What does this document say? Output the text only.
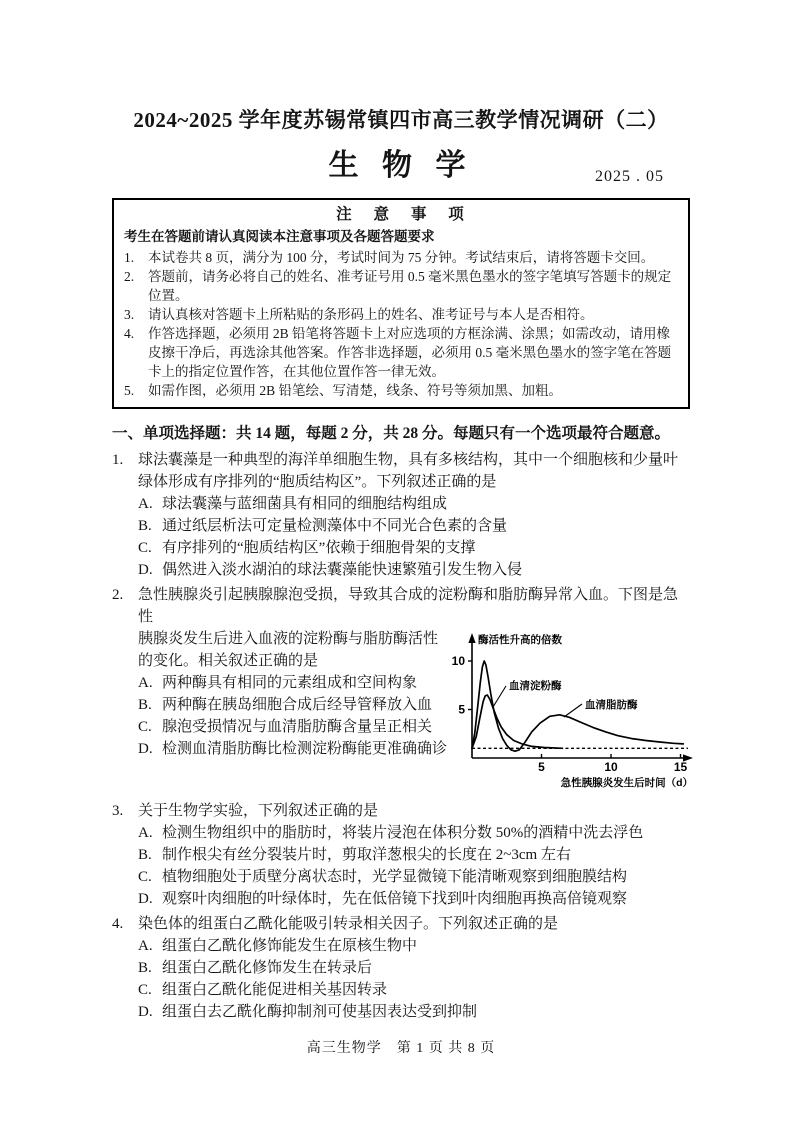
2024~2025 学年度苏锡常镇四市高三教学情况调研（二）
生 物 学	2025 . 05
注 意 事 项
考生在答题前请认真阅读本注意事项及各题答题要求
1. 本试卷共 8 页，满分为 100 分，考试时间为 75 分钟。考试结束后，请将答题卡交回。
2. 答题前，请务必将自己的姓名、准考证号用 0.5 毫米黑色墨水的签字笔填写答题卡的规定位置。
3. 请认真核对答题卡上所粘贴的条形码上的姓名、准考证号与本人是否相符。
4. 作答选择题，必须用 2B 铅笔将答题卡上对应选项的方框涂满、涂黑；如需改动，请用橡皮擦干净后，再选涂其他答案。作答非选择题，必须用 0.5 毫米黑色墨水的签字笔在答题卡上的指定位置作答，在其他位置作答一律无效。
5. 如需作图，必须用 2B 铅笔绘、写清楚，线条、符号等须加黑、加粗。
一、单项选择题：共 14 题，每题 2 分，共 28 分。每题只有一个选项最符合题意。
1. 球法囊藻是一种典型的海洋单细胞生物，具有多核结构，其中一个细胞核和少量叶绿体形成有序排列的“胞质结构区”。下列叙述正确的是
A. 球法囊藻与蓝细菌具有相同的细胞结构组成
B. 通过纸层析法可定量检测藻体中不同光合色素的含量
C. 有序排列的“胞质结构区”依赖于细胞骨架的支撑
D. 偶然进入淡水湖泊的球法囊藻能快速繁殖引发生物入侵
2. 急性胰腺炎引起胰腺腺泡受损，导致其合成的淀粉酶和脂肪酶异常入血。下图是急性
胰腺炎发生后进入血液的淀粉酶与脂肪酶活性的变化。相关叙述正确的是
A. 两种酶具有相同的元素组成和空间构象
B. 两种酶在胰岛细胞合成后经导管释放入血
C. 腺泡受损情况与血清脂肪酶含量呈正相关
D. 检测血清脂肪酶比检测淀粉酶能更准确确诊
10
5
5	10	15
酶活性升高的倍数
急性胰腺炎发生后时间（d）
血清淀粉酶
血清脂肪酶
3. 关于生物学实验，下列叙述正确的是
A. 检测生物组织中的脂肪时，将装片浸泡在体积分数 50%的酒精中洗去浮色
B. 制作根尖有丝分裂装片时，剪取洋葱根尖的长度在 2~3cm 左右
C. 植物细胞处于质壁分离状态时，光学显微镜下能清晰观察到细胞膜结构
D. 观察叶肉细胞的叶绿体时，先在低倍镜下找到叶肉细胞再换高倍镜观察
4. 染色体的组蛋白乙酰化能吸引转录相关因子。下列叙述正确的是
A. 组蛋白乙酰化修饰能发生在原核生物中
B. 组蛋白乙酰化修饰发生在转录后
C. 组蛋白乙酰化能促进相关基因转录
D. 组蛋白去乙酰化酶抑制剂可使基因表达受到抑制
高三生物学　第 1 页 共 8 页
